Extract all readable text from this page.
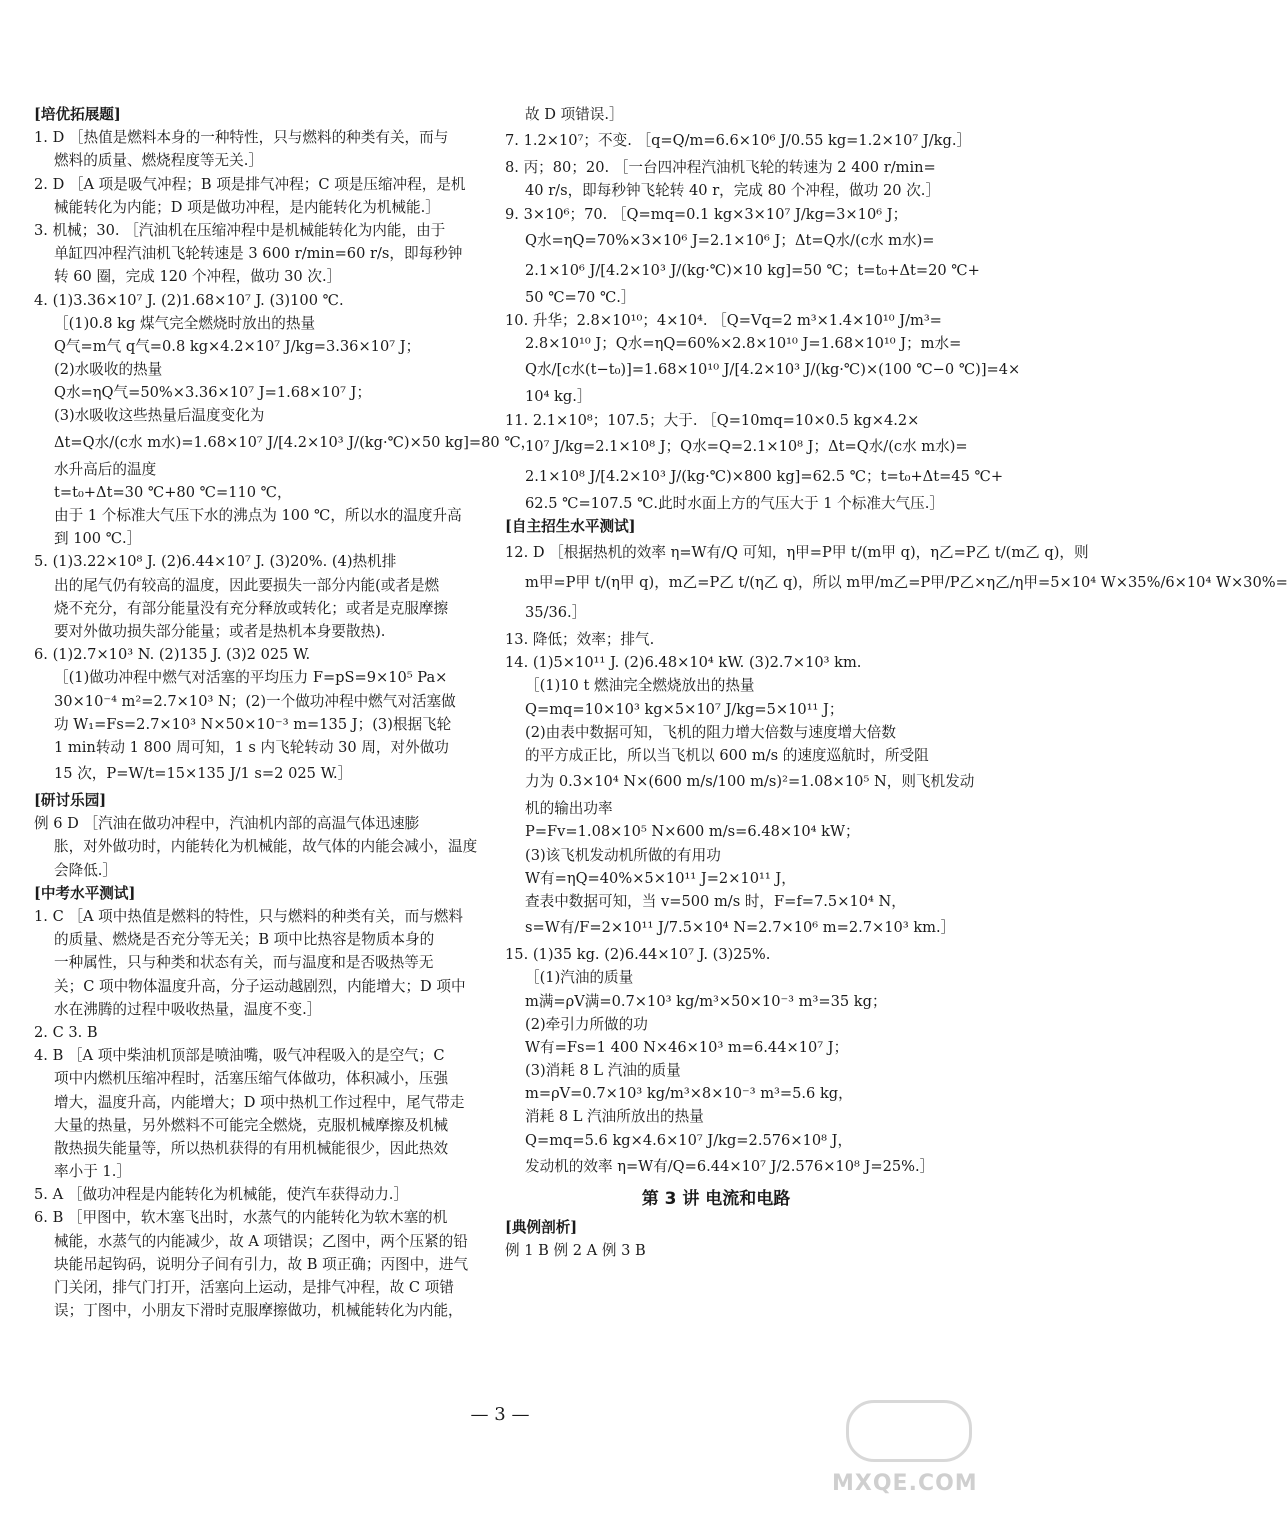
[ 培优拓展题 ]
1. D ［热值是燃料本身的一种特性，只与燃料的种类有关，而与
燃料的质量、燃烧程度等无关.］
2. D ［A 项是吸气冲程；B 项是排气冲程；C 项是压缩冲程，是机
械能转化为内能；D 项是做功冲程，是内能转化为机械能.］
3. 机械；30. ［汽油机在压缩冲程中是机械能转化为内能，由于
单缸四冲程汽油机飞轮转速是 3 600 r/min=60 r/s，即每秒钟
转 60 圈，完成 120 个冲程，做功 30 次.］
4. (1)3.36×10⁷ J. (2)1.68×10⁷ J. (3)100 ℃.
［(1)0.8 kg 煤气完全燃烧时放出的热量
Q气=m气 q气=0.8 kg×4.2×10⁷ J/kg=3.36×10⁷ J；
(2)水吸收的热量
Q水=ηQ气=50%×3.36×10⁷ J=1.68×10⁷ J；
(3)水吸收这些热量后温度变化为
Δt=Q水/(c水 m水)=1.68×10⁷ J/[4.2×10³ J/(kg·℃)×50 kg]=80 ℃，
水升高后的温度
t=t₀+Δt=30 ℃+80 ℃=110 ℃，
由于 1 个标准大气压下水的沸点为 100 ℃，所以水的温度升高
到 100 ℃.］
5. (1)3.22×10⁸ J. (2)6.44×10⁷ J. (3)20%. (4)热机排
出的尾气仍有较高的温度，因此要损失一部分内能(或者是燃
烧不充分，有部分能量没有充分释放或转化；或者是克服摩擦
要对外做功损失部分能量；或者是热机本身要散热).
6. (1)2.7×10³ N. (2)135 J. (3)2 025 W.
［(1)做功冲程中燃气对活塞的平均压力 F=pS=9×10⁵ Pa×
30×10⁻⁴ m²=2.7×10³ N；(2)一个做功冲程中燃气对活塞做
功 W₁=Fs=2.7×10³ N×50×10⁻³ m=135 J；(3)根据飞轮
1 min转动 1 800 周可知，1 s 内飞轮转动 30 周，对外做功
15 次，P=W/t=15×135 J/1 s=2 025 W.］
[ 研讨乐园 ]
例 6 D ［汽油在做功冲程中，汽油机内部的高温气体迅速膨
胀，对外做功时，内能转化为机械能，故气体的内能会减小，温度
会降低.］
[ 中考水平测试 ]
1. C ［A 项中热值是燃料的特性，只与燃料的种类有关，而与燃料
的质量、燃烧是否充分等无关；B 项中比热容是物质本身的
一种属性，只与种类和状态有关，而与温度和是否吸热等无
关；C 项中物体温度升高，分子运动越剧烈，内能增大；D 项中
水在沸腾的过程中吸收热量，温度不变.］
2. C 3. B
4. B ［A 项中柴油机顶部是喷油嘴，吸气冲程吸入的是空气；C
项中内燃机压缩冲程时，活塞压缩气体做功，体积减小，压强
增大，温度升高，内能增大；D 项中热机工作过程中，尾气带走
大量的热量，另外燃料不可能完全燃烧，克服机械摩擦及机械
散热损失能量等，所以热机获得的有用机械能很少，因此热效
率小于 1.］
5. A ［做功冲程是内能转化为机械能，使汽车获得动力.］
6. B ［甲图中，软木塞飞出时，水蒸气的内能转化为软木塞的机
械能，水蒸气的内能减少，故 A 项错误；乙图中，两个压紧的铅
块能吊起钩码，说明分子间有引力，故 B 项正确；丙图中，进气
门关闭，排气门打开，活塞向上运动，是排气冲程，故 C 项错
误；丁图中，小朋友下滑时克服摩擦做功，机械能转化为内能，
故 D 项错误.］
7. 1.2×10⁷；不变. ［q=Q/m=6.6×10⁶ J/0.55 kg=1.2×10⁷ J/kg.］
8. 丙；80；20. ［一台四冲程汽油机飞轮的转速为 2 400 r/min=
40 r/s，即每秒钟飞轮转 40 r，完成 80 个冲程，做功 20 次.］
9. 3×10⁶；70. ［Q=mq=0.1 kg×3×10⁷ J/kg=3×10⁶ J；
Q水=ηQ=70%×3×10⁶ J=2.1×10⁶ J；Δt=Q水/(c水 m水)=
2.1×10⁶ J/[4.2×10³ J/(kg·℃)×10 kg]=50 ℃；t=t₀+Δt=20 ℃+
50 ℃=70 ℃.］
10. 升华；2.8×10¹⁰；4×10⁴. ［Q=Vq=2 m³×1.4×10¹⁰ J/m³=
2.8×10¹⁰ J；Q水=ηQ=60%×2.8×10¹⁰ J=1.68×10¹⁰ J；m水=
Q水/[c水(t−t₀)]=1.68×10¹⁰ J/[4.2×10³ J/(kg·℃)×(100 ℃−0 ℃)]=4×
10⁴ kg.］
11. 2.1×10⁸；107.5；大于. ［Q=10mq=10×0.5 kg×4.2×
10⁷ J/kg=2.1×10⁸ J；Q水=Q=2.1×10⁸ J；Δt=Q水/(c水 m水)=
2.1×10⁸ J/[4.2×10³ J/(kg·℃)×800 kg]=62.5 ℃；t=t₀+Δt=45 ℃+
62.5 ℃=107.5 ℃.此时水面上方的气压大于 1 个标准大气压.］
[ 自主招生水平测试 ]
12. D ［根据热机的效率 η=W有/Q 可知，η甲=P甲 t/(m甲 q)，η乙=P乙 t/(m乙 q)，则
m甲=P甲 t/(η甲 q)，m乙=P乙 t/(η乙 q)，所以 m甲/m乙=P甲/P乙×η乙/η甲=5×10⁴ W×35%/6×10⁴ W×30%=
35/36.］
13. 降低；效率；排气.
14. (1)5×10¹¹ J. (2)6.48×10⁴ kW. (3)2.7×10³ km.
［(1)10 t 燃油完全燃烧放出的热量
Q=mq=10×10³ kg×5×10⁷ J/kg=5×10¹¹ J；
(2)由表中数据可知，飞机的阻力增大倍数与速度增大倍数
的平方成正比，所以当飞机以 600 m/s 的速度巡航时，所受阻
力为 0.3×10⁴ N×(600 m/s/100 m/s)²=1.08×10⁵ N，则飞机发动
机的输出功率
P=Fv=1.08×10⁵ N×600 m/s=6.48×10⁴ kW；
(3)该飞机发动机所做的有用功
W有=ηQ=40%×5×10¹¹ J=2×10¹¹ J，
查表中数据可知，当 v=500 m/s 时，F=f=7.5×10⁴ N，
s=W有/F=2×10¹¹ J/7.5×10⁴ N=2.7×10⁶ m=2.7×10³ km.］
15. (1)35 kg. (2)6.44×10⁷ J. (3)25%.
［(1)汽油的质量
m满=ρV满=0.7×10³ kg/m³×50×10⁻³ m³=35 kg；
(2)牵引力所做的功
W有=Fs=1 400 N×46×10³ m=6.44×10⁷ J；
(3)消耗 8 L 汽油的质量
m=ρV=0.7×10³ kg/m³×8×10⁻³ m³=5.6 kg，
消耗 8 L 汽油所放出的热量
Q=mq=5.6 kg×4.6×10⁷ J/kg=2.576×10⁸ J，
发动机的效率 η=W有/Q=6.44×10⁷ J/2.576×10⁸ J=25%.］
第 3 讲 电流和电路
[ 典例剖析 ]
例 1 B 例 2 A 例 3 B
— 3 —
MXQE.COM
